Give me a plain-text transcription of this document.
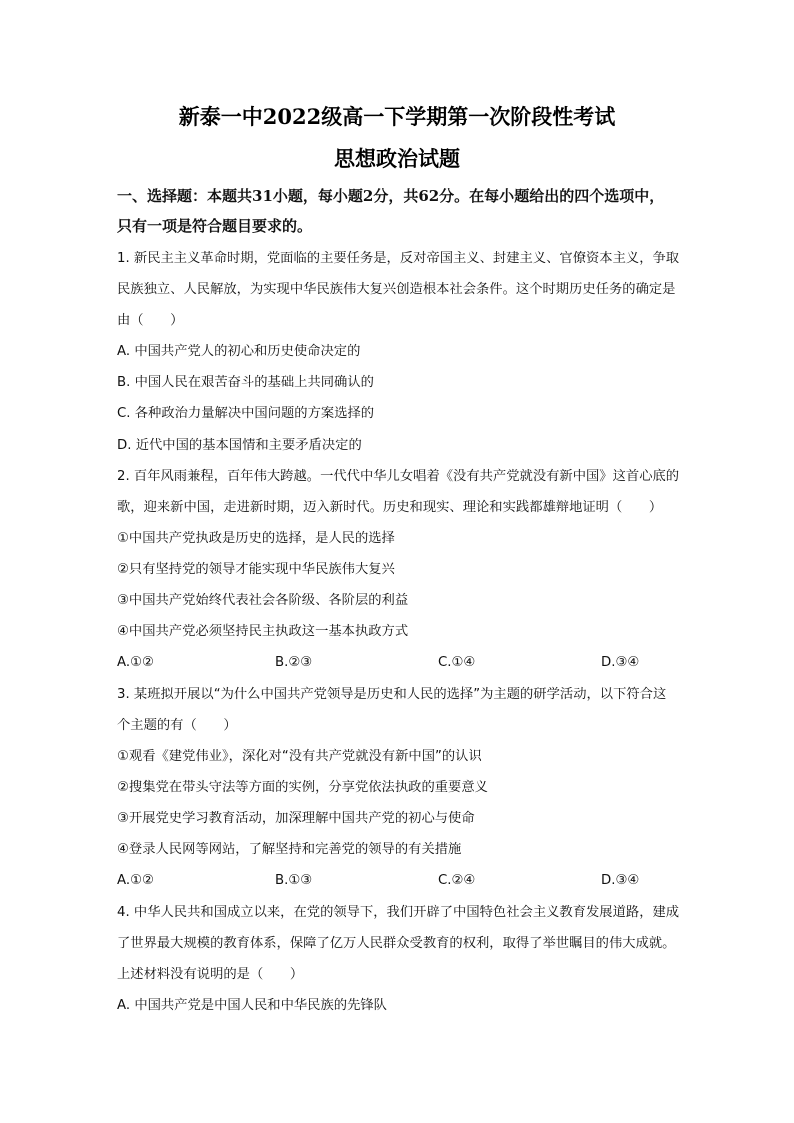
新泰一中2022级高一下学期第一次阶段性考试
思想政治试题
一、选择题：本题共31小题，每小题2分，共62分。在每小题给出的四个选项中，
只有一项是符合题目要求的。
1. 新民主主义革命时期，党面临的主要任务是，反对帝国主义、封建主义、官僚资本主义，争取
民族独立、人民解放，为实现中华民族伟大复兴创造根本社会条件。这个时期历史任务的确定是
由（　　）
A. 中国共产党人的初心和历史使命决定的
B. 中国人民在艰苦奋斗的基础上共同确认的
C. 各种政治力量解决中国问题的方案选择的
D. 近代中国的基本国情和主要矛盾决定的
2. 百年风雨兼程，百年伟大跨越。一代代中华儿女唱着《没有共产党就没有新中国》这首心底的
歌，迎来新中国，走进新时期，迈入新时代。历史和现实、理论和实践都雄辩地证明（　　）
①中国共产党执政是历史的选择，是人民的选择
②只有坚持党的领导才能实现中华民族伟大复兴
③中国共产党始终代表社会各阶级、各阶层的利益
④中国共产党必须坚持民主执政这一基本执政方式
A.①②	B.②③	C.①④	D.③④
3. 某班拟开展以“为什么中国共产党领导是历史和人民的选择”为主题的研学活动，以下符合这
个主题的有（　　）
①观看《建党伟业》，深化对“没有共产党就没有新中国”的认识
②搜集党在带头守法等方面的实例，分享党依法执政的重要意义
③开展党史学习教育活动，加深理解中国共产党的初心与使命
④登录人民网等网站，了解坚持和完善党的领导的有关措施
A.①②	B.①③	C.②④	D.③④
4. 中华人民共和国成立以来，在党的领导下，我们开辟了中国特色社会主义教育发展道路，建成
了世界最大规模的教育体系，保障了亿万人民群众受教育的权利，取得了举世瞩目的伟大成就。
上述材料没有说明的是（　　）
A. 中国共产党是中国人民和中华民族的先锋队
